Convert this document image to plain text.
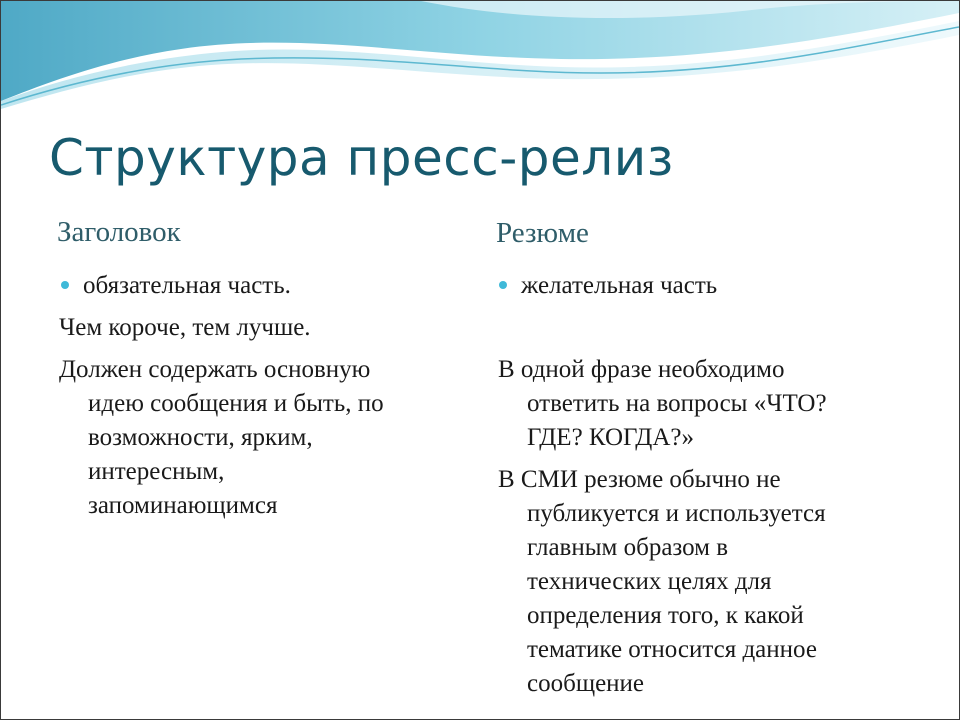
Структура пресс-релиз
Заголовок
обязательная часть.
Чем короче, тем лучше.
Должен содержать основную
идею сообщения и быть, по
возможности, ярким,
интересным,
запоминающимся
Резюме
желательная часть
В одной фразе необходимо
ответить на вопросы «ЧТО?
ГДЕ? КОГДА?»
В СМИ резюме обычно не
публикуется и используется
главным образом в
технических целях для
определения того, к какой
тематике относится данное
сообщение
